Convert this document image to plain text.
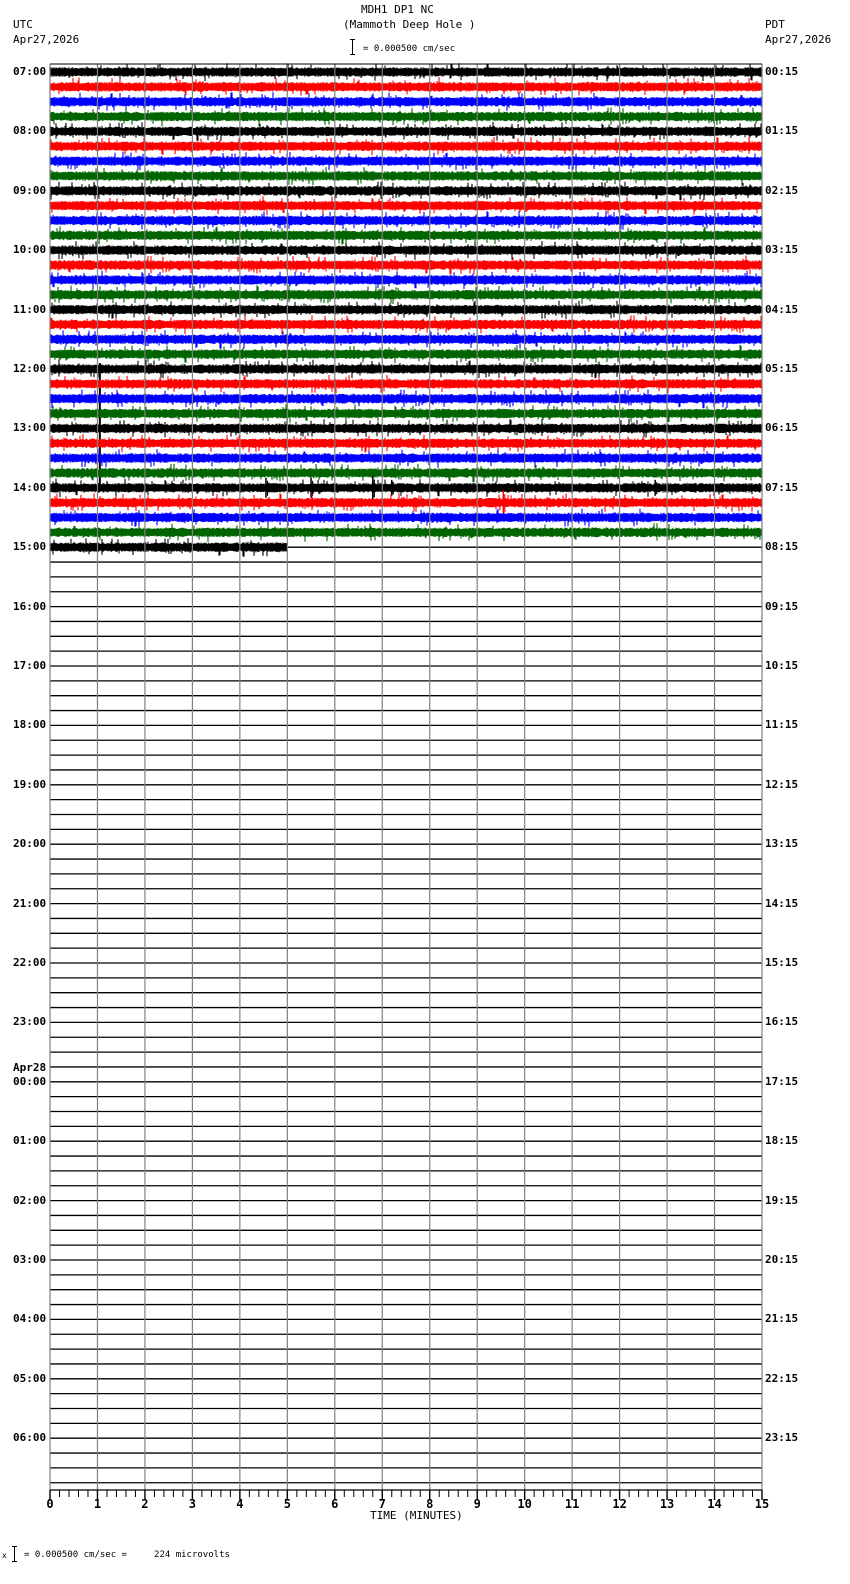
MDH1 DP1 NC
(Mammoth Deep Hole )
UTC
Apr27,2026
PDT
Apr27,2026
= 0.000500 cm/sec
0	1	2	3	4	5	6	7	8	9	10	11	12	13	14	15
07:00
08:00
09:00
10:00
11:00
12:00
13:00
14:00
15:00
16:00
17:00
18:00
19:00
20:00
21:00
22:00
23:00
00:00
Apr28
01:00
02:00
03:00
04:00
05:00
06:00
00:15
01:15
02:15
03:15
04:15
05:15
06:15
07:15
08:15
09:15
10:15
11:15
12:15
13:15
14:15
15:15
16:15
17:15
18:15
19:15
20:15
21:15
22:15
23:15
TIME (MINUTES)
x = 0.000500 cm/sec =     224 microvolts
